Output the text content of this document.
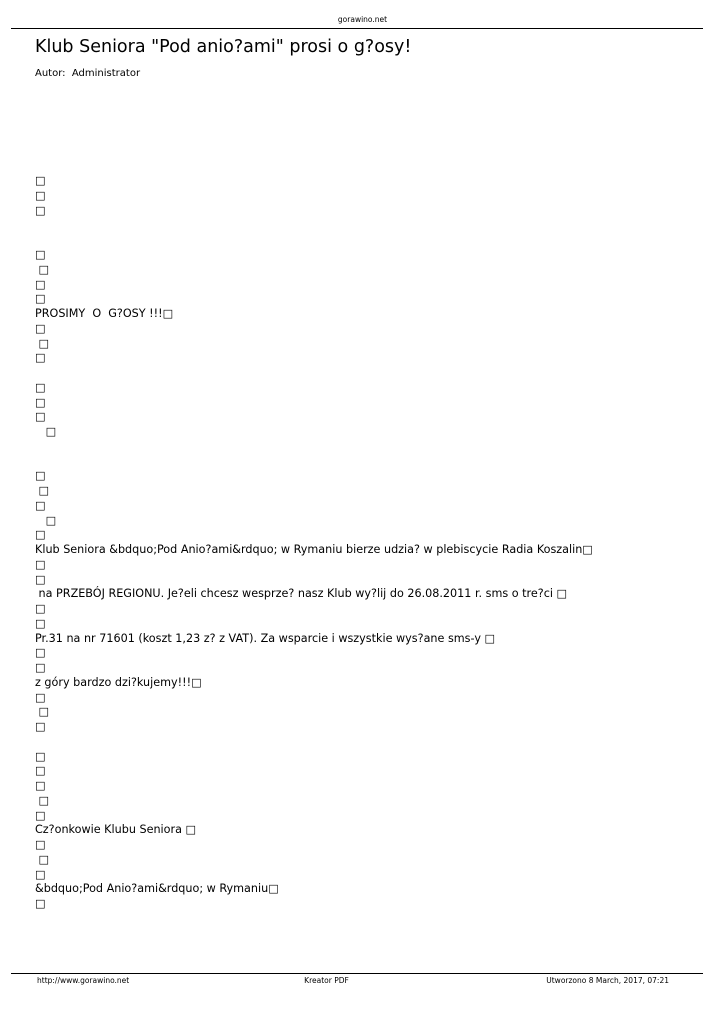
gorawino.net
Klub Seniora "Pod anio?ami" prosi o g?osy!
Autor: Administrator
□
□
□
□
□
□
□
PROSIMY  O  G?OSY !!!□
□
□
□
□
□
□
□
□
□
□
□
□
Klub Seniora &bdquo;Pod Anio?ami&rdquo; w Rymaniu bierze udzia? w plebiscycie Radia Koszalin□
□
□
na PRZEBÓJ REGIONU. Je?eli chcesz wesprze? nasz Klub wy?lij do 26.08.2011 r. sms o tre?ci □
□
□
Pr.31 na nr 71601 (koszt 1,23 z? z VAT). Za wsparcie i wszystkie wys?ane sms-y □
□
□
z góry bardzo dzi?kujemy!!!□
□
□
□
□
□
□
□
□
Cz?onkowie Klubu Seniora □
□
□
□
&bdquo;Pod Anio?ami&rdquo; w Rymaniu□
□
http://www.gorawino.net	Kreator PDF	Utworzono 8 March, 2017, 07:21
